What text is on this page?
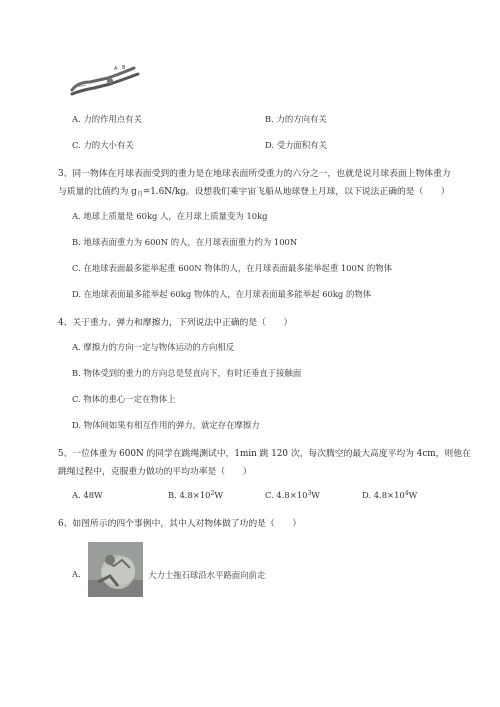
A B
A. 力的作用点有关	B. 力的方向有关
C. 力的大小有关	D. 受力面积有关
3、同一物体在月球表面受到的重力是在地球表面所受重力的六分之一，也就是说月球表面上物体重力
与质量的比值约为 $g_月=1.6N/kg$。设想我们乘宇宙飞船从地球登上月球，以下说法正确的是（　　）
A. 地球上质量是 60kg 人，在月球上质量变为 10kg
B. 地球表面重力为 600N 的人，在月球表面重力约为 100N
C. 在地球表面最多能举起重 600N 物体的人，在月球表面最多能举起重 100N 的物体
D. 在地球表面最多能举起 60kg 物体的人，在月球表面最多能举起 60kg 的物体
4、关于重力、弹力和摩擦力，下列说法中正确的是（　　）
A. 摩擦力的方向一定与物体运动的方向相反
B. 物体受到的重力的方向总是竖直向下，有时还垂直于接触面
C. 物体的重心一定在物体上
D. 物体间如果有相互作用的弹力，就定存在摩擦力
5、一位体重为 600N 的同学在跳绳测试中，1min 跳 120 次，每次腾空的最大高度平均为 4cm，则他在
跳绳过程中，克服重力做功的平均功率是（　　）
A. 48W	B. $4.8\times 10^2W$	C. $4.8\times 10^3W$	D. $4.8\times 10^4W$
6、如图所示的四个事例中，其中人对物体做了功的是（　　）
A.	大力士拖石球沿水平路面向前走
